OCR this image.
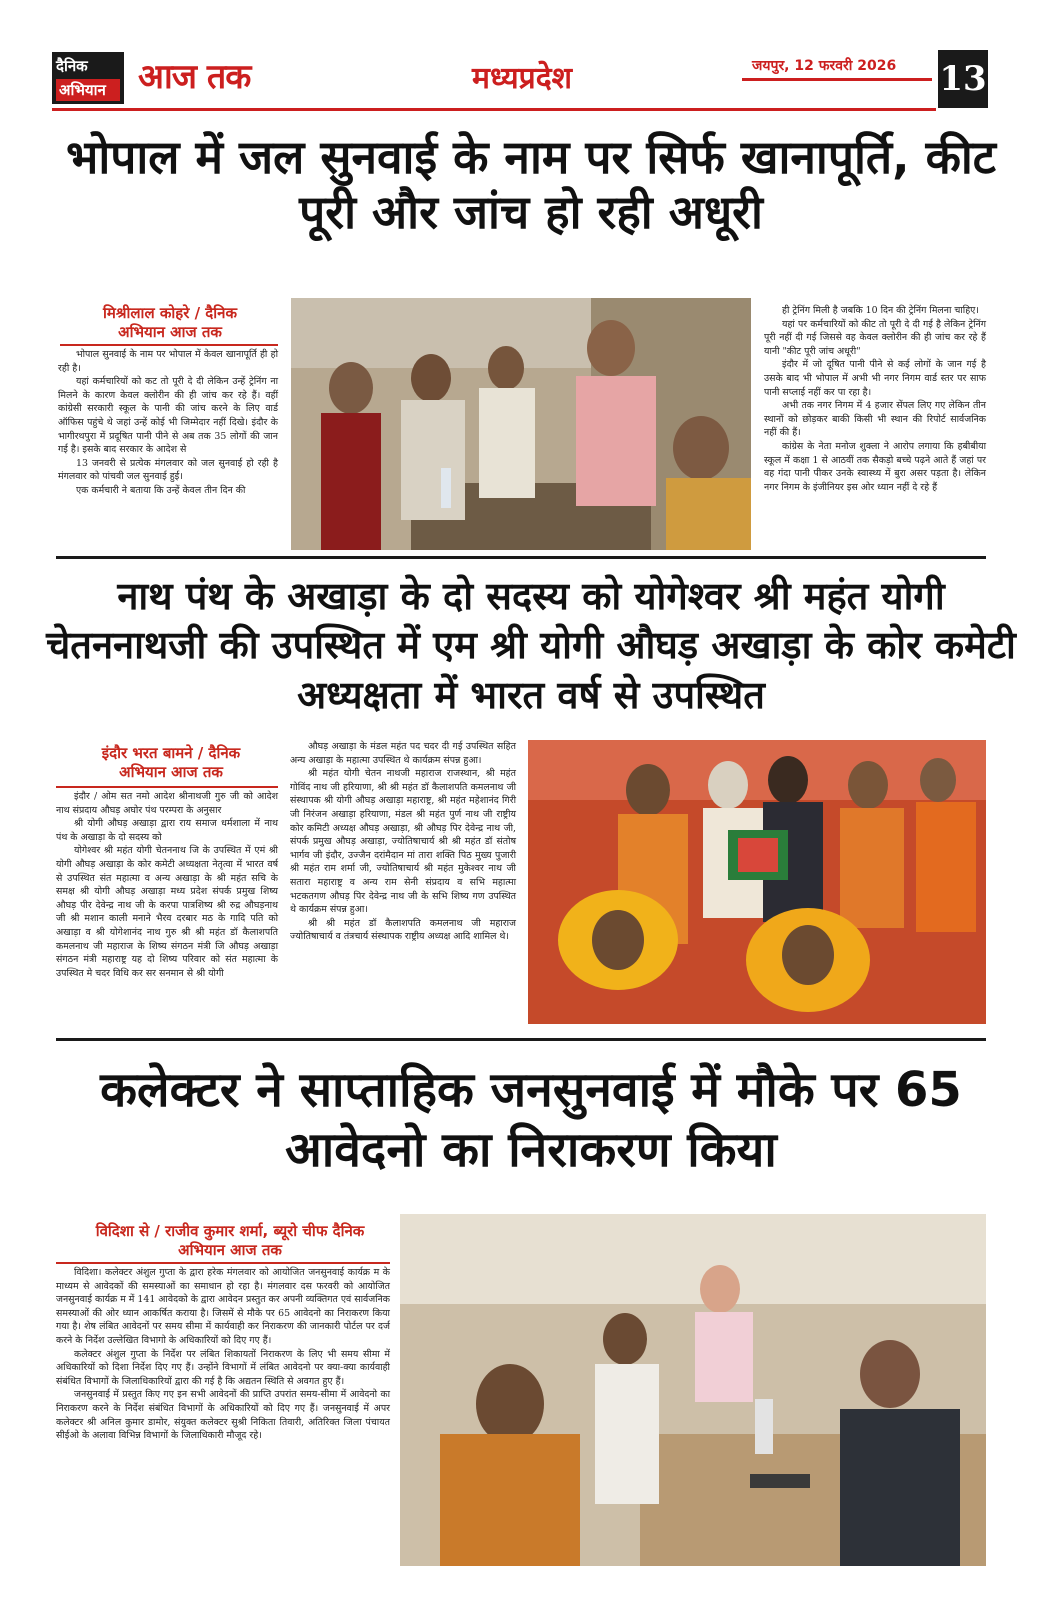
दैनिक
अभियान आज तक	मध्यप्रदेश	जयपुर, 12 फरवरी 2026 13
भोपाल में जल सुनवाई के नाम पर सिर्फ खानापूर्ति, कीट पूरी और जांच हो रही अधूरी
मिश्रीलाल कोहरे / दैनिक अभियान आज तक

भोपाल सुनवाई के नाम पर भोपाल में केवल खानापूर्ति ही हो रही है।

यहां कर्मचारियों को कट तो पूरी दे दी लेकिन उन्हें ट्रेनिंग ना मिलने के कारण केवल क्लोरीन की ही जांच कर रहे हैं। वहीं कांग्रेसी सरकारी स्कूल के पानी की जांच करने के लिए वार्ड ऑफिस पहुंचे थे जहां उन्हें कोई भी जिम्मेदार नहीं दिखे। इंदौर के भागीरथपुरा में प्रदूषित पानी पीने से अब तक 35 लोगों की जान गई है। इसके बाद सरकार के आदेश से

13 जनवरी से प्रत्येक मंगलवार को जल सुनवाई हो रही है मंगलवार को पांचवी जल सुनवाई हुई।

एक कर्मचारी ने बताया कि उन्हें केवल तीन दिन की

ही ट्रेनिंग मिली है जबकि 10 दिन की ट्रेनिंग मिलना चाहिए।

यहां पर कर्मचारियों को कीट तो पूरी दे दी गई है लेकिन ट्रेनिंग पूरी नहीं दी गई जिससे वह केवल क्लोरीन की ही जांच कर रहे हैं यानी "कीट पूरी जांच अधूरी"

इंदौर में जो दूषित पानी पीने से कई लोगों के जान गई है उसके बाद भी भोपाल में अभी भी नगर निगम वार्ड स्तर पर साफ पानी सप्लाई नहीं कर पा रहा है।

अभी तक नगर निगम में 4 हजार सेंपल लिए गए लेकिन तीन स्थानों को छोड़कर बाकी किसी भी स्थान की रिपोर्ट सार्वजनिक नहीं की हैं।

कांग्रेस के नेता मनोज शुक्ला ने आरोप लगाया कि हबीबीया स्कूल में कक्षा 1 से आठवीं तक सैकड़ो बच्चे पढ़ने आते हैं जहां पर वह गंदा पानी पीकर उनके स्वास्थ्य में बुरा असर पड़ता है। लेकिन नगर निगम के इंजीनियर इस ओर ध्यान नहीं दे रहे हैं

नाथ पंथ के अखाड़ा के दो सदस्य को योगेश्वर श्री महंत योगी चेतननाथजी की उपस्थित में एम श्री योगी औघड़ अखाड़ा के कोर कमेटी अध्यक्षता में भारत वर्ष से उपस्थित
इंदौर भरत बामने / दैनिक अभियान आज तक

इंदौर / ओम सत नमो आदेश श्रीनाथजी गुरु जी को आदेश नाथ संप्रदाय औघड़ अघोर पंथ परम्परा के अनुसार

श्री योगी औघड़ अखाड़ा द्वारा राय समाज धर्मशाला में नाथ पंथ के अखाड़ा के दो सदस्य को

योगेश्वर श्री महंत योगी चेतननाथ जि के उपस्थित में एमं श्री योगी औघड़ अखाड़ा के कोर कमेटी अध्यक्षता नेतृत्वा में भारत वर्ष से उपस्थित संत महात्मा व अन्य अखाड़ा के श्री महंत सचि के समक्ष श्री योगी औघड़ अखाड़ा मध्य प्रदेश संपर्क प्रमुख शिष्य औघड़ पीर देवेन्द्र नाथ जी के करपा पात्रशिष्य श्री रुद्र औघड़नाथ जी श्री मशान काली मनाने भैरव दरबार मठ के गादि पति को अखाड़ा व श्री योगेशानंद नाथ गुरु श्री श्री महंत डॉ कैलाशपति कमलनाथ जी महाराज के शिष्य संगठन मंत्री जि औघड़ अखाड़ा संगठन मंत्री महाराष्ट्र यह दो शिष्य परिवार को संत महात्मा के उपस्थित मे चदर विधि कर सर सनमान से श्री योगी

औघड़ अखाड़ा के मंडल महंत पद चदर दी गई उपस्थित सहित अन्य अखाड़ा के महात्मा उपस्थित थे कार्यक्रम संपन्न हुआ।

श्री महंत योगी चेतन नाथजी महाराज राजस्थान, श्री महंत गोविंद नाथ जी हरियाणा, श्री श्री महंत डॉ कैलाशपति कमलनाथ जी संस्थापक श्री योगी औघड़ अखाड़ा महाराष्ट्र, श्री महंत महेशानंद गिरी जी निरंजन अखाड़ा हरियाणा, मंडल श्री महंत पुर्ण नाथ जी राष्ट्रीय कोर कमिटी अध्यक्ष औघड़ अखाड़ा, श्री औघड़ पिर देवेन्द्र नाथ जी, संपर्क प्रमुख औघड़ अखाड़ा, ज्योतिषाचार्य श्री श्री महंत डॉ संतोष भार्गव जी इंदौर, उज्जैन दरांमैदान मां तारा शक्ति पिठ मुख्य पुजारी श्री महंत राम शर्मा जी, ज्योतिषाचार्य श्री महंत मुकेश्वर नाथ जी सतारा महाराष्ट्र व अन्य राम सेनी संप्रदाय व सभि महात्मा भटकतगण औघड़ पिर देवेन्द्र नाथ जी के सभि शिष्य गण उपस्थित थे कार्यक्रम संपन्न हुआ।

श्री श्री महंत डॉ कैलाशपति कमलनाथ जी महाराज ज्योतिषाचार्य व तंत्रचार्य संस्थापक राष्ट्रीय अध्यक्ष आदि शामिल थे।

कलेक्टर ने साप्ताहिक जनसुनवाई में मौके पर 65 आवेदनो का निराकरण किया
विदिशा से / राजीव कुमार शर्मा, ब्यूरो चीफ दैनिक अभियान आज तक

विदिशा। कलेक्टर अंशुल गुप्ता के द्वारा हरेक मंगलवार को आयोजित जनसुनवाई कार्यक्र म के माध्यम से आवेदकों की समस्याओं का समाधान हो रहा है। मंगलवार दस फरवरी को आयोजित जनसुनवाई कार्यक्र म में 141 आवेदको के द्वारा आवेदन प्रस्तुत कर अपनी व्यक्तिगत एवं सार्वजनिक समस्याओं की ओर ध्यान आकर्षित कराया है। जिसमें से मौके पर 65 आवेदनो का निराकरण किया गया है। शेष लंबित आवेदनों पर समय सीमा में कार्यवाही कर निराकरण की जानकारी पोर्टल पर दर्ज करने के निर्देश उल्लेखित विभागो के अधिकारियों को दिए गए हैं।

कलेक्टर अंशुल गुप्ता के निर्देश पर लंबित शिकायतों निराकरण के लिए भी समय सीमा में अधिकारियों को दिशा निर्देश दिए गए हैं। उन्होंने विभागों में लंबित आवेदनो पर क्या-क्या कार्यवाही संबंधित विभागों के जिलाधिकारियों द्वारा की गई है कि अद्यतन स्थिति से अवगत हुए हैं।

जनसुनवाई में प्रस्तुत किए गए इन सभी आवेदनों की प्राप्ति उपरांत समय-सीमा में आवेदनो का निराकरण करने के निर्देश संबंधित विभागों के अधिकारियों को दिए गए हैं। जनसुनवाई में अपर कलेक्टर श्री अनिल कुमार डामोर, संयुक्त कलेक्टर सुश्री निकिता तिवारी, अतिरिक्त जिला पंचायत सीईओ के अलावा विभिन्न विभागों के जिलाधिकारी मौजूद रहे।
